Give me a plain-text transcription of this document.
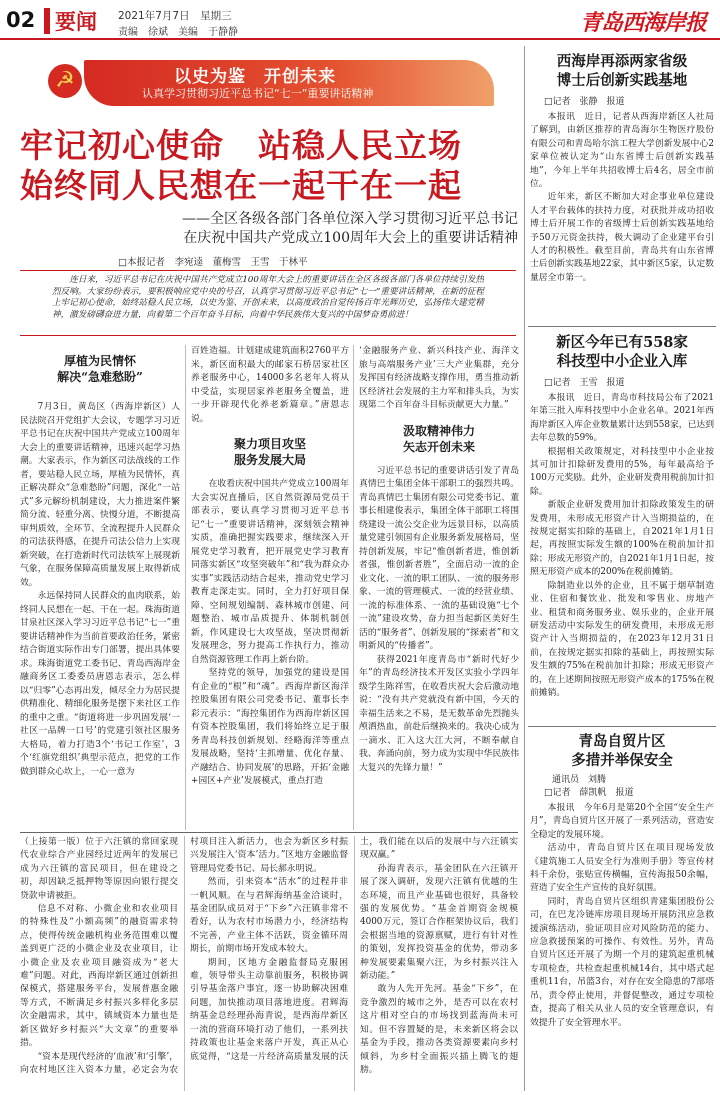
02 要闻 2021年7月7日　 星期三
责编　徐斌　美编　于静静	青岛西海岸报
☭	以史为鉴　开创未来
认真学习贯彻习近平总书记“七一”重要讲话精神
牢记初心使命　站稳人民立场
始终同人民想在一起干在一起
——全区各级各部门各单位深入学习贯彻习近平总书记
在庆祝中国共产党成立100周年大会上的重要讲话精神
□本报记者　李宛逵　董梅雪　王雪　于林平
连日来，习近平总书记在庆祝中国共产党成立100周年大会上的重要讲话在全区各级各部门各单位持续引发热烈反响。大家纷纷表示，要积极响应党中央的号召，认真学习贯彻习近平总书记“七一”重要讲话精神，在新的征程上牢记初心使命，始终站稳人民立场，以史为鉴、开创未来，以高度政治自觉传扬百年光辉历史，弘扬伟大建党精神，激发磅礴奋进力量，向着第二个百年奋斗目标，向着中华民族伟大复兴的中国梦奋勇前进！
厚植为民情怀
解决“急难愁盼”

7月3日，黄岛区（西海岸新区）人民法院召开党组扩大会议，专题学习习近平总书记在庆祝中国共产党成立100周年大会上的重要讲话精神，迅速兴起学习热潮。大家表示，作为新区司法战线的工作者，要站稳人民立场，厚植为民情怀，真正解决群众“急难愁盼”问题，深化“一站式”多元解纷机制建设，大力推进案件繁简分流、轻重分离、快慢分道，不断提高审判质效，全环节、全流程提升人民群众的司法获得感，在提升司法公信力上实现新突破，在打造新时代司法铁军上展现新气象，在服务保障高质量发展上取得新成效。

永远保持同人民群众的血肉联系，始终同人民想在一起、干在一起。珠海街道甘泉社区深入学习习近平总书记“七一”重要讲话精神作为当前首要政治任务，紧密结合街道实际作出专门部署，提出具体要求。珠海街道党工委书记、青岛西海岸金融商务区工委委员唐恩志表示，怎么样以“归零”心态再出发，倾尽全力为居民提供精准化、精细化服务是摆下来社区工作的重中之重。“街道将进一步巩固发展‘一社区一品牌一口号’的党建引领社区服务大格局，着力打造3个‘书记工作室’，3个‘红旗党组织’典型示范点，把党的工作做到群众心坎上，一心一意为

百姓造福。计划建成建筑面积2760平方米，新区面积最大的邮家石桥居家社区养老服务中心，14000多名老年人将从中受益，实现居家养老服务全覆盖，进一步开辟现代化养老新篇章。”唐恩志说。

聚力项目攻坚
服务发展大局

在收看庆祝中国共产党成立100周年大会实况直播后，区自然资源局党员干部表示，要认真学习贯彻习近平总书记“七一”重要讲话精神，深刻领会精神实质，准确把握实践要求，继续深入开展党史学习教育，把开展党史学习教育同落实新区“攻坚突破年”和“我为群众办实事”实践活动结合起来，推动党史学习教育走深走实。同时，全力打好项目保障、空间规划编制、森林城市创建、问题整治、城市品质提升、体制机制创新，作风建设七大攻坚战，坚决贯彻新发展理念，努力提高工作执行力，推动自然资源管理工作再上新台阶。

坚持党的领导，加强党的建设是国有企业的“根”和“魂”。西海岸新区海洋控股集团有限公司党委书记、董事长李彩元表示：“海控集团作为西海岸新区国有资本控股集团，我们将始终立足于服务青岛科技创新规划、经略海洋等重点发展战略，坚持‘主抓增量、优化存量、产融结合、协同发展’的思路，开拓‘金融+园区+产业’发展模式，重点打造

‘金融服务产业、新兴科技产业、海洋文旅与高端服务产业’三大产业集群，充分发挥国有经济战略支撑作用，勇当推动新区经济社会发展的主力军和排头兵，为实现第二个百年奋斗目标贡献更大力量。”

汲取精神伟力
矢志开创未来

习近平总书记的重要讲话引发了青岛真情巴士集团全体干部职工的强烈共鸣。青岛真情巴士集团有限公司党委书记、董事长相建俊表示，集团全体干部职工将围绕建设一流公交企业为远景目标，以高质量党建引领国有企业服务新发展格局，坚持创新发展，牢记“惟创新者进，惟创新者强，惟创新者胜”，全面启动一流的企业文化、一流的职工团队、一流的服务形象、一流的管理模式、一流的经营业绩、一流的标准体系、一流的基础设施“七个一流”建设攻势，奋力担当起新区美好生活的“服务者”、创新发展的“探索者”和文明新风的“传播者”。

获得2021年度青岛市“新时代好少年”的青岛经济技术开发区实验小学四年级学生陈祥雪，在收看庆祝大会后激动地说：“没有共产党就没有新中国，今天的幸福生活来之不易，是无数革命先烈抛头颅洒热血，前赴后继换来的。我决心成为一滴水、汇入这大江大河，不断奉献自我、奔涌向前，努力成为实现中华民族伟大复兴的先锋力量！”

（上接第一版）位于六汪镇的常回家现代农业综合产业园经过近两年的发展已成为六汪镇的富民项目，但在建设之初，却因缺乏抵押物等原因向银行提交贷款申请被拒。

信息不对称、小微企业和农业项目的特殊性及“小额高频”的融资需求特点，使得传统金融机构业务范围难以覆盖到更广泛的小微企业及农业项目，让小微企业及农业项目融资成为“老大难”问题。对此，西海岸新区通过创新担保模式，搭建服务平台，发展普惠金融等方式，不断满足乡村振兴多样化多层次金融需求，其中，镇域资本力量也是新区做好乡村振兴“大文章”的重要举措。

“资本是现代经济的‘血液’和‘引擎’，向农村地区注入资本力量，必定会为农村项目注入新活力，也会为新区乡村振兴发展注入‘资本’活力。”区地方金融监督管理局党委书记、局长郝永明说。

然而，引来资本“活水”的过程并非一帆风顺。在与君辉海纳基金洽谈时，基金团队成员对于“下乡”六汪镇非常不看好，认为农村市场潜力小，经济结构不完善，产业主体不活跃，资金循环周期长，前期市场开发成本较大。

期间，区地方金融监督局克服困难，领导带头主动靠前服务，积极协调引导基金落户事宜，逐一协助解决困难问题，加快推动项目落地进度。君辉海纳基金总经理孙海青说，是西海岸新区一流的营商环境打动了他们，一系列扶持政策也让基金来落户开发，真正从心底觉得，“这是一片经济高质量发展的沃土，我们能在以后的发展中与六汪镇实现双赢。”

孙海青表示，基金团队在六汪镇开展了深入调研，发现六汪镇有优越的生态环境，而且产业基础也很好，具备较强的发展优势。“基金首期资金规模4000万元，签订合作框架协议后，我们会根据当地的资源禀赋，进行有针对性的策划，发挥投资基金的优势，带动多种发展要素集聚六汪，为乡村振兴注入新动能。”

敢为人先开先河。基金“下乡”，在竞争激烈的城市之外，是否可以在农村这片相对空白的市场找到蓝海尚未可知。但不容置疑的是，未来新区将会以基金为手段，推动各类资源要素向乡村倾斜，为乡村全面振兴插上腾飞的翅膀。

西海岸再添两家省级
博士后创新实践基地
□记者　张静　报道

本报讯　近日，记者从西海岸新区人社局了解到，由新区推荐的青岛海尔生物医疗股份有限公司和青岛哈尔滨工程大学创新发展中心2家单位被认定为“山东省博士后创新实践基地”，今年上半年共招收博士后4名，居全市前位。

近年来，新区不断加大对企事业单位建设人才平台载体的扶持力度，对获批并成功招收博士后开展工作的省级博士后创新实践基地给予50万元资金扶持，极大调动了企业建平台引人才的积极性。截至目前，青岛共有山东省博士后创新实践基地22家，其中新区5家，认定数量居全市第一。

新区今年已有558家
科技型中小企业入库
□记者　王雪　报道

本报讯　近日，青岛市科技局公布了2021年第三批入库科技型中小企业名单。2021年西海岸新区入库企业数量累计达到558家，已达到去年总数的59%。

根据相关政策规定，对科技型中小企业按其可加计扣除研发费用的5%，每年最高给予100万元奖励。此外，企业研发费用税前加计扣除。

新版企业研发费用加计扣除政策发生的研发费用，未形成无形资产计入当期损益的，在按规定据实扣除的基础上，自2021年1月1日起，再按照实际发生额的100%在税前加计扣除；形成无形资产的，自2021年1月1日起，按照无形资产成本的200%在税前摊销。

除制造业以外的企业，且不属于烟草制造业、住宿和餐饮业、批发和零售业、房地产业、租赁和商务服务业、娱乐业的，企业开展研发活动中实际发生的研发费用，未形成无形资产计入当期损益的，在2023年12月31日前，在按规定据实扣除的基础上，再按照实际发生额的75%在税前加计扣除；形成无形资产的，在上述期间按照无形资产成本的175%在税前摊销。

青岛自贸片区
多措并举保安全
通讯员　刘腾
□记者　薛凯帆　报道

本报讯　今年6月是第20个全国“安全生产月”，青岛自贸片区开展了一系列活动，营造安全稳定的发展环境。

活动中，青岛自贸片区在项目现场发放《建筑施工人员安全行为准则手册》等宣传材料千余份，张贴宣传横幅，宣传海报50余幅，营造了安全生产宣传的良好氛围。

同时，青岛自贸片区组织青建集团股份公司，在巴龙冷链库房项目现场开展防汛应急救援演练活动，验证项目应对风险防范的能力、应急救援预案的可操作、有效性。另外，青岛自贸片区还开展了为期一个月的建筑起重机械专项检查，共检查起重机械14台，其中塔式起重机11台，吊篮3台，对存在安全隐患的7部塔吊，责令停止使用，并督促整改，通过专项检查，提高了相关从业人员的安全管理意识，有效提升了安全管理水平。
